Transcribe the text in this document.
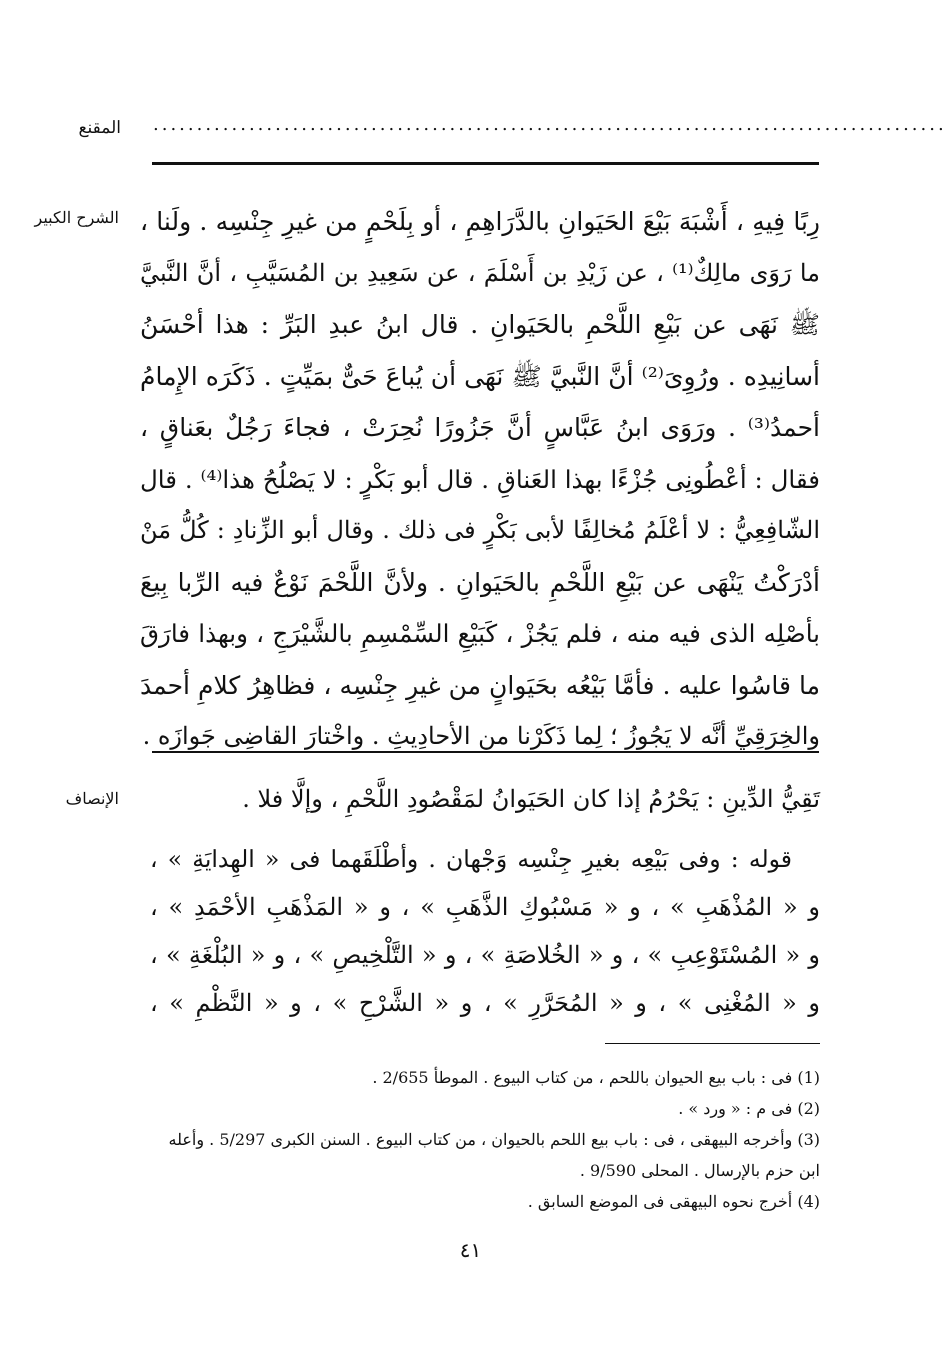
المقنع ...........................................................................................
الشرح الكبير رِبًا فِيهِ ، أَشْبَهَ بَيْعَ الحَيَوانِ بالدَّرَاهِمِ ، أو بِلَحْمٍ من غيرِ جِنْسِه . ولَنا ،
ما رَوَى مالِكٌ⁽¹⁾ ، عن زَيْدِ بن أَسْلَمَ ، عن سَعِيدِ بن المُسَيَّبِ ، أنَّ النَّبيَّ
ﷺ نَهَى عن بَيْعِ اللَّحْمِ بالحَيَوانِ . قال ابنُ عبدِ البَرِّ : هذا أحْسَنُ
أسانِيدِه . ورُوِىَ⁽²⁾ أنَّ النَّبيَّ ﷺ نَهَى أن يُباعَ حَىٌّ بمَيِّتٍ . ذَكَرَه الإِمامُ
أحمدُ⁽³⁾ . ورَوَى ابنُ عَبَّاسٍ أنَّ جَزُورًا نُحِرَتْ ، فجاءَ رَجُلٌ بعَناقٍ ،
فقال : أعْطُونِى جُزْءًا بهذا العَناقِ . قال أبو بَكْرٍ : لا يَصْلُحُ هذا⁽⁴⁾ . قال
الشّافِعِيُّ : لا أعْلَمُ مُخالِفًا لأبى بَكْرٍ فى ذلك . وقال أبو الزِّنادِ : كُلُّ مَنْ
أدْرَكْتُ يَنْهَى عن بَيْعِ اللَّحْمِ بالحَيَوانِ . ولأنَّ اللَّحْمَ نَوْعٌ فيه الرِّبا بِيعَ
بأصْلِه الذى فيه منه ، فلم يَجُزْ ، كَبَيْعِ السِّمْسِمِ بالشَّيْرَجِ ، وبهذا فارَقَ
ما قاسُوا عليه . فأمَّا بَيْعُه بحَيَوانٍ من غيرِ جِنْسِه ، فظاهِرُ كلامِ أحمدَ
والخِرَقِيِّ أنَّه لا يَجُوزُ ؛ لِما ذَكَرْنا من الأحادِيثِ . واخْتارَ القاضِى جَوازَه .
الإنصاف	تَقِيُّ الدِّينِ : يَحْرُمُ إذا كان الحَيَوانُ لمَقْصُودِ اللَّحْمِ ، وإلَّا فلا .
قوله : وفى بَيْعِه بغيرِ جِنْسِه وَجْهان . وأطْلَقَهما فى « الهِدايَةِ » ،
و « المُذْهَبِ » ، و « مَسْبُوكِ الذَّهَبِ » ، و « المَذْهَبِ الأحْمَدِ » ،
و « المُسْتَوْعِبِ » ، و « الخُلاصَةِ » ، و « التَّلْخِيصِ » ، و « البُلْغَةِ » ،
و « المُغْنِى » ، و « المُحَرَّرِ » ، و « الشَّرْحِ » ، و « النَّظْمِ » ،
(1) فى : باب بيع الحيوان باللحم ، من كتاب البيوع . الموطأ 2/655 .
(2) فى م : « ورد » .
(3) وأخرجه البيهقى ، فى : باب بيع اللحم بالحيوان ، من كتاب البيوع . السنن الكبرى 5/297 . وأعله
ابن حزم بالإرسال . المحلى 9/590 .
(4) أخرج نحوه البيهقى فى الموضع السابق .
٤١
